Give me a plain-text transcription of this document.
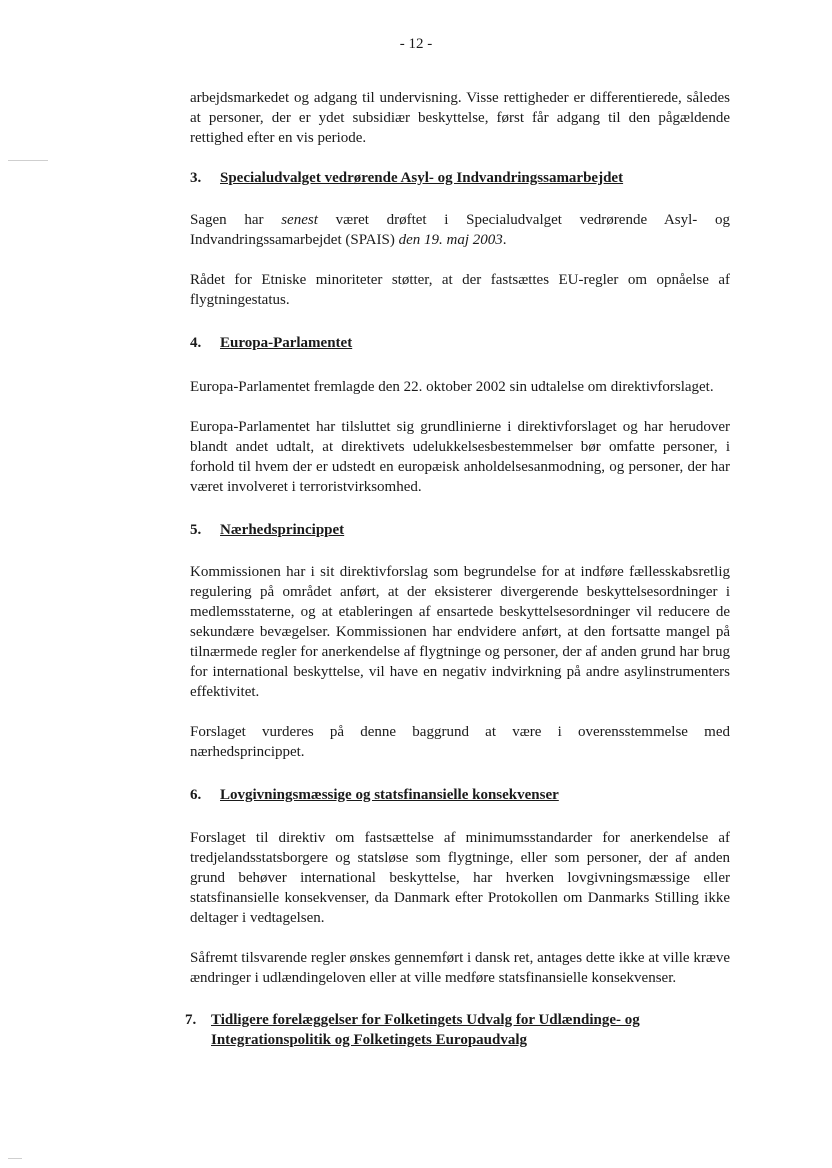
- 12 -

arbejdsmarkedet og adgang til undervisning. Visse rettigheder er differentierede, således at personer, der er ydet subsidiær beskyttelse, først får adgang til den pågældende rettighed efter en vis periode.

3.	Specialudvalget vedrørende Asyl- og Indvandringssamarbejdet

Sagen har senest været drøftet i Specialudvalget vedrørende Asyl- og Indvandringssamarbejdet (SPAIS) den 19. maj 2003.

Rådet for Etniske minoriteter støtter, at der fastsættes EU-regler om opnåelse af flygtningestatus.

4.	Europa-Parlamentet

Europa-Parlamentet fremlagde den 22. oktober 2002 sin udtalelse om direktivforslaget.

Europa-Parlamentet har tilsluttet sig grundlinierne i direktivforslaget og har herudover blandt andet udtalt, at direktivets udelukkelsesbestemmelser bør omfatte personer, i forhold til hvem der er udstedt en europæisk anholdelsesanmodning, og personer, der har været involveret i terroristvirksomhed.

5.	Nærhedsprincippet

Kommissionen har i sit direktivforslag som begrundelse for at indføre fællesskabsretlig regulering på området anført, at der eksisterer divergerende beskyttelsesordninger i medlemsstaterne, og at etableringen af ensartede beskyttelsesordninger vil reducere de sekundære bevægelser. Kommissionen har endvidere anført, at den fortsatte mangel på tilnærmede regler for anerkendelse af flygtninge og personer, der af anden grund har brug for international beskyttelse, vil have en negativ indvirkning på andre asylinstrumenters effektivitet.

Forslaget vurderes på denne baggrund at være i overensstemmelse med nærhedsprincippet.

6.	Lovgivningsmæssige og statsfinansielle konsekvenser

Forslaget til direktiv om fastsættelse af minimumsstandarder for anerkendelse af tredjelandsstatsborgere og statsløse som flygtninge, eller som personer, der af anden grund behøver international beskyttelse, har hverken lovgivningsmæssige eller statsfinansielle konsekvenser, da Danmark efter Protokollen om Danmarks Stilling ikke deltager i vedtagelsen.

Såfremt tilsvarende regler ønskes gennemført i dansk ret, antages dette ikke at ville kræve ændringer i udlændingeloven eller at ville medføre statsfinansielle konsekvenser.

7. Tidligere forelæggelser for Folketingets Udvalg for Udlændinge- og Integrationspolitik og Folketingets Europaudvalg
